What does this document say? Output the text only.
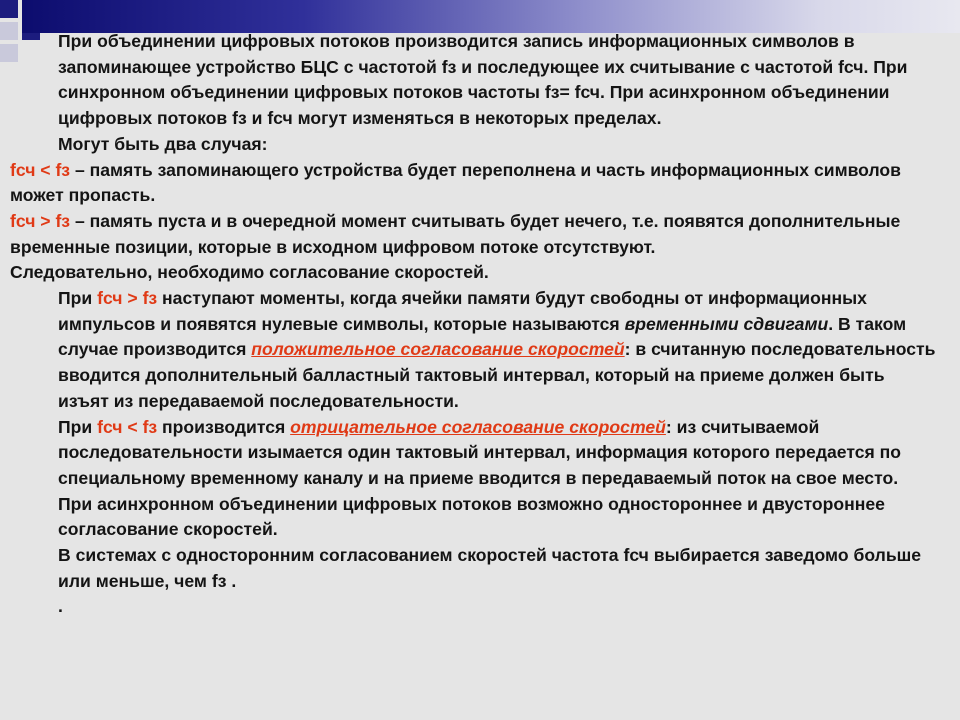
При объединении цифровых потоков производится запись информационных символов в запоминающее устройство БЦС с частотой fз и последующее их считывание с частотой fсч. При синхронном объединении цифровых потоков частоты fз= fсч. При асинхронном объединении цифровых потоков fз и fсч могут изменяться в некоторых пределах.

Могут быть два случая:

fсч < fз – память запоминающего устройства будет переполнена и часть информационных символов может пропасть.

fсч > fз – память пуста и в очередной момент считывать будет нечего, т.е. появятся дополнительные временные позиции, которые в исходном цифровом потоке отсутствуют.

Следовательно, необходимо согласование скоростей.

При fсч > fз наступают моменты, когда ячейки памяти будут свободны от информационных импульсов и появятся нулевые символы, которые называются временными сдвигами. В таком случае производится положительное согласование скоростей: в считанную последовательность вводится дополнительный балластный тактовый интервал, который на приеме должен быть изъят из передаваемой последовательности.

При fсч < fз производится отрицательное согласование скоростей: из считываемой последовательности изымается один тактовый интервал, информация которого передается по специальному временному каналу и на приеме вводится в передаваемый поток на свое место.

При асинхронном объединении цифровых потоков возможно одностороннее и двустороннее согласование скоростей.

В системах с односторонним согласованием скоростей частота fсч выбирается заведомо больше или меньше, чем fз .

.
